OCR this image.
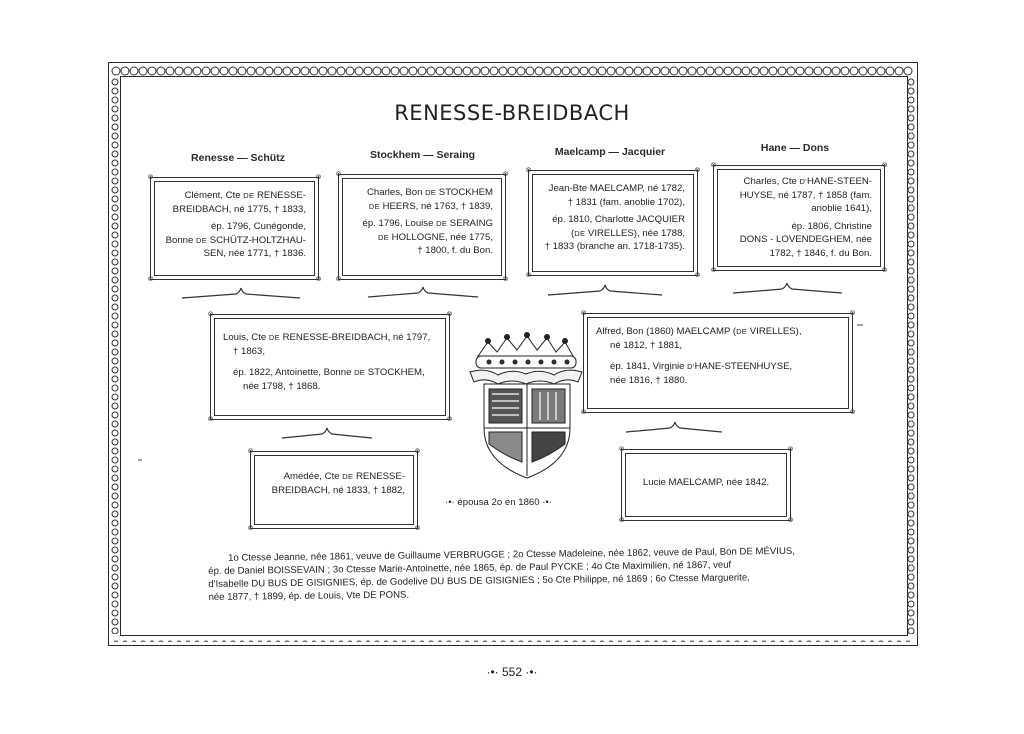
RENESSE-BREIDBACH
Renesse — Schütz	Stockhem — Seraing	Maelcamp — Jacquier	Hane — Dons

Clément, Cte DE RENESSE-
BREIDBACH, né 1775, † 1833,

ép. 1796, Cunégonde,
Bonne DE SCHÜTZ-HOLTZHAU-
SEN, née 1771, † 1836.

⊗	⊗
⊗	⊗

Charles, Bon DE STOCKHEM
DE HEERS, né 1763, † 1839,

ép. 1796, Louise DE SERAING
DE HOLLOGNE, née 1775,
† 1800, f. du Bon.

⊗	⊗
⊗	⊗

Jean-Bte MAELCAMP, né 1782,
† 1831 (fam. anoblie 1702),

ép. 1810, Charlotte JACQUIER
(DE VIRELLES), née 1788,
† 1833 (branche an. 1718-1735).

⊗	⊗
⊗	⊗

Charles, Cte D'HANE-STEEN-
HUYSE, né 1787, † 1858 (fam.
anoblie 1641),

ép. 1806, Christine
DONS - LOVENDEGHEM, née
1782, † 1846, f. du Bon.

⊗	⊗
⊗	⊗

Louis, Cte DE RENESSE-BREIDBACH, né 1797,
† 1863,

ép. 1822, Antoinette, Bonne DE STOCKHEM,
née 1798, † 1868.

⊗	⊗
⊗	⊗

Alfred, Bon (1860) MAELCAMP (DE VIRELLES),
né 1812, † 1881,

ép. 1841, Virginie D'HANE-STEENHUYSE,
née 1816, † 1880.

⊗	⊗
⊗	⊗

Amédée, Cte DE RENESSE-
BREIDBACH, né 1833, † 1882,

⊗	⊗
⊗	⊗

Lucie MAELCAMP, née 1842.

⊗	⊗
⊗	⊗
·•· épousa 2o en 1860 ·•·
1o Ctesse Jeanne, née 1861, veuve de Guillaume VERBRUGGE ; 2o Ctesse Madeleine, née 1862, veuve de Paul, Bon DE MÉVIUS,
ép. de Daniel BOISSEVAIN ; 3o Ctesse Marie-Antoinette, née 1865, ép. de Paul PYCKE ; 4o Cte Maximilien, né 1867, veuf
d'Isabelle DU BUS DE GISIGNIES, ép. de Godelive DU BUS DE GISIGNIES ; 5o Cte Philippe, né 1869 ; 6o Ctesse Marguerite,
née 1877, † 1899, ép. de Louis, Vte DE PONS.
·•· 552 ·•·
